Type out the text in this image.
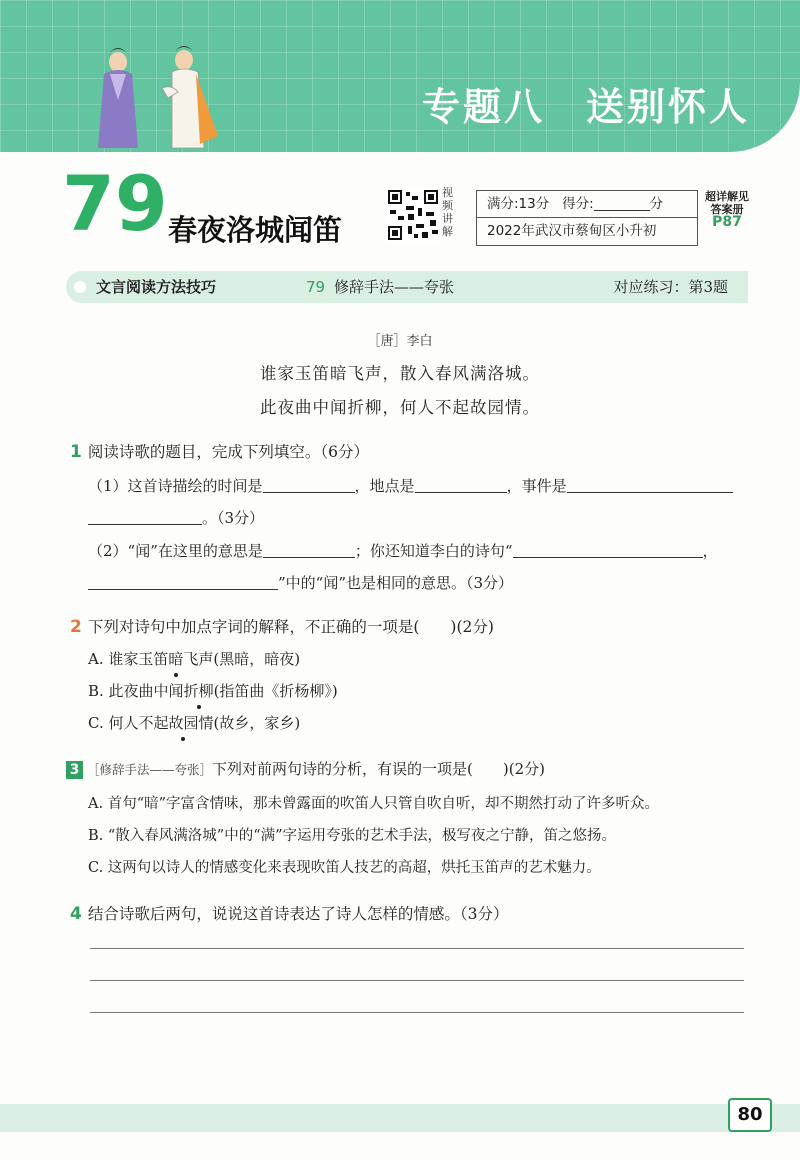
专题八　送别怀人
79 春夜洛城闻笛
视频讲解
满分:13分 得分:	分
2022年武汉市蔡甸区小升初
超详解见
答案册
P87
文言阅读方法技巧	79 修辞手法——夸张	对应练习：第3题
［唐］李白
谁家玉笛暗飞声，散入春风满洛城。
此夜曲中闻折柳，何人不起故园情。
1 阅读诗歌的题目，完成下列填空。（6分）
（1）这首诗描绘的时间是	，地点是	，事件是
。（3分）
（2）“闻”在这里的意思是	；你还知道李白的诗句“	，
”中的“闻”也是相同的意思。（3分）
2 下列对诗句中加点字词的解释，不正确的一项是(　　)(2分)
A. 谁家玉笛暗飞声(黑暗，暗夜)
B. 此夜曲中闻折柳(指笛曲《折杨柳》)
C. 何人不起故园情(故乡，家乡)
3 ［修辞手法——夸张］下列对前两句诗的分析，有误的一项是(　　)(2分)
A. 首句“暗”字富含情味，那未曾露面的吹笛人只管自吹自听，却不期然打动了许多听众。
B. “散入春风满洛城”中的“满”字运用夸张的艺术手法，极写夜之宁静，笛之悠扬。
C. 这两句以诗人的情感变化来表现吹笛人技艺的高超，烘托玉笛声的艺术魅力。
4 结合诗歌后两句，说说这首诗表达了诗人怎样的情感。（3分）
80
